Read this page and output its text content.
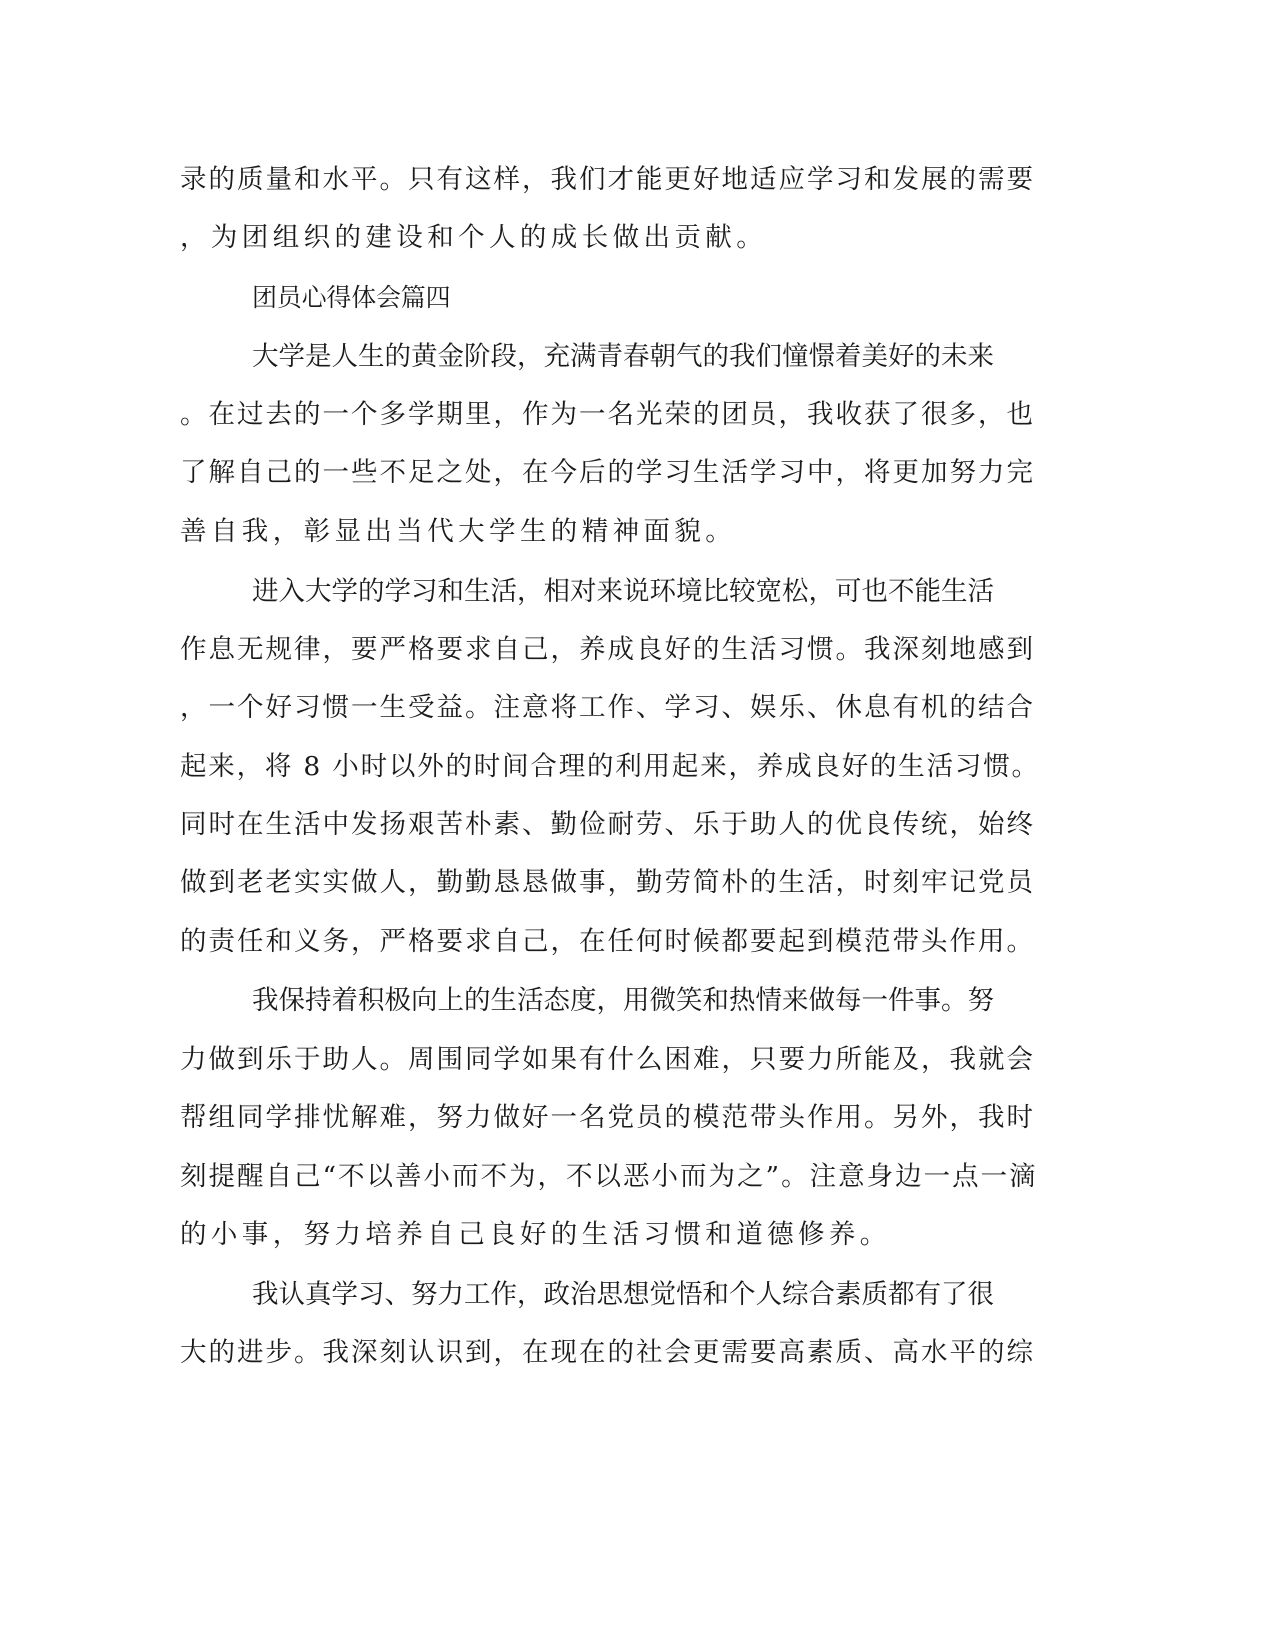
录的质量和水平。只有这样，我们才能更好地适应学习和发展的需要
，为团组织的建设和个人的成长做出贡献。
团员心得体会篇四
大学是人生的黄金阶段，充满青春朝气的我们憧憬着美好的未来
。在过去的一个多学期里，作为一名光荣的团员，我收获了很多，也
了解自己的一些不足之处，在今后的学习生活学习中，将更加努力完
善自我，彰显出当代大学生的精神面貌。
进入大学的学习和生活，相对来说环境比较宽松，可也不能生活
作息无规律，要严格要求自己，养成良好的生活习惯。我深刻地感到
，一个好习惯一生受益。注意将工作、学习、娱乐、休息有机的结合
起来，将 8 小时以外的时间合理的利用起来，养成良好的生活习惯。
同时在生活中发扬艰苦朴素、勤俭耐劳、乐于助人的优良传统，始终
做到老老实实做人，勤勤恳恳做事，勤劳简朴的生活，时刻牢记党员
的责任和义务，严格要求自己，在任何时候都要起到模范带头作用。
我保持着积极向上的生活态度，用微笑和热情来做每一件事。努
力做到乐于助人。周围同学如果有什么困难，只要力所能及，我就会
帮组同学排忧解难，努力做好一名党员的模范带头作用。另外，我时
刻提醒自己“不以善小而不为，不以恶小而为之”。注意身边一点一滴
的小事，努力培养自己良好的生活习惯和道德修养。
我认真学习、努力工作，政治思想觉悟和个人综合素质都有了很
大的进步。我深刻认识到，在现在的社会更需要高素质、高水平的综
